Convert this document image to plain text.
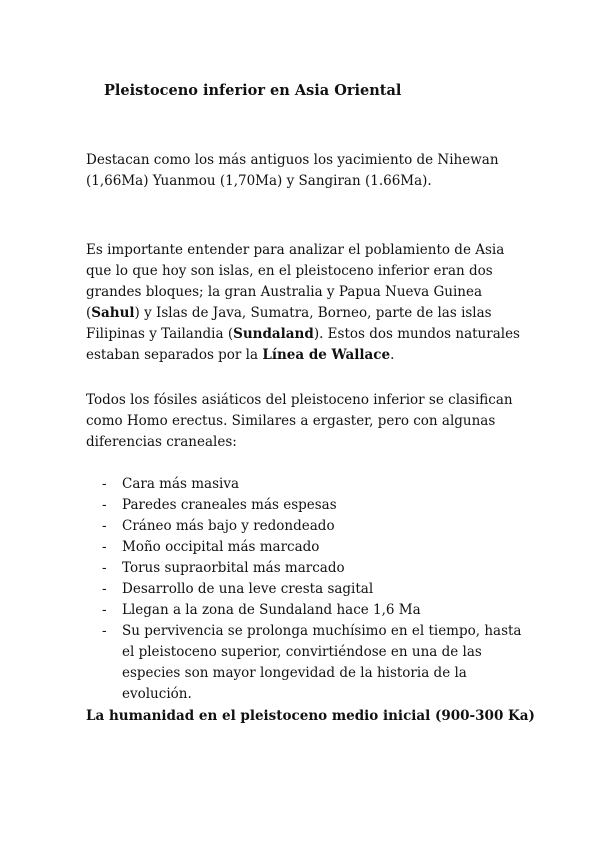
Pleistoceno inferior en Asia Oriental

Destacan como los más antiguos los yacimiento de Nihewan (1,66Ma) Yuanmou (1,70Ma) y Sangiran (1.66Ma).

Es importante entender para analizar el poblamiento de Asia que lo que hoy son islas, en el pleistoceno inferior eran dos grandes bloques; la gran Australia y Papua Nueva Guinea (Sahul) y Islas de Java, Sumatra, Borneo, parte de las islas Filipinas y Tailandia (Sundaland). Estos dos mundos naturales estaban separados por la Línea de Wallace.

Todos los fósiles asiáticos del pleistoceno inferior se clasifican como Homo erectus. Similares a ergaster, pero con algunas diferencias craneales:

- Cara más masiva
- Paredes craneales más espesas
- Cráneo más bajo y redondeado
- Moño occipital más marcado
- Torus supraorbital más marcado
- Desarrollo de una leve cresta sagital
- Llegan a la zona de Sundaland hace 1,6 Ma
- Su pervivencia se prolonga muchísimo en el tiempo, hasta el pleistoceno superior, convirtiéndose en una de las especies son mayor longevidad de la historia de la evolución.
La humanidad en el pleistoceno medio inicial (900-300 Ka)
